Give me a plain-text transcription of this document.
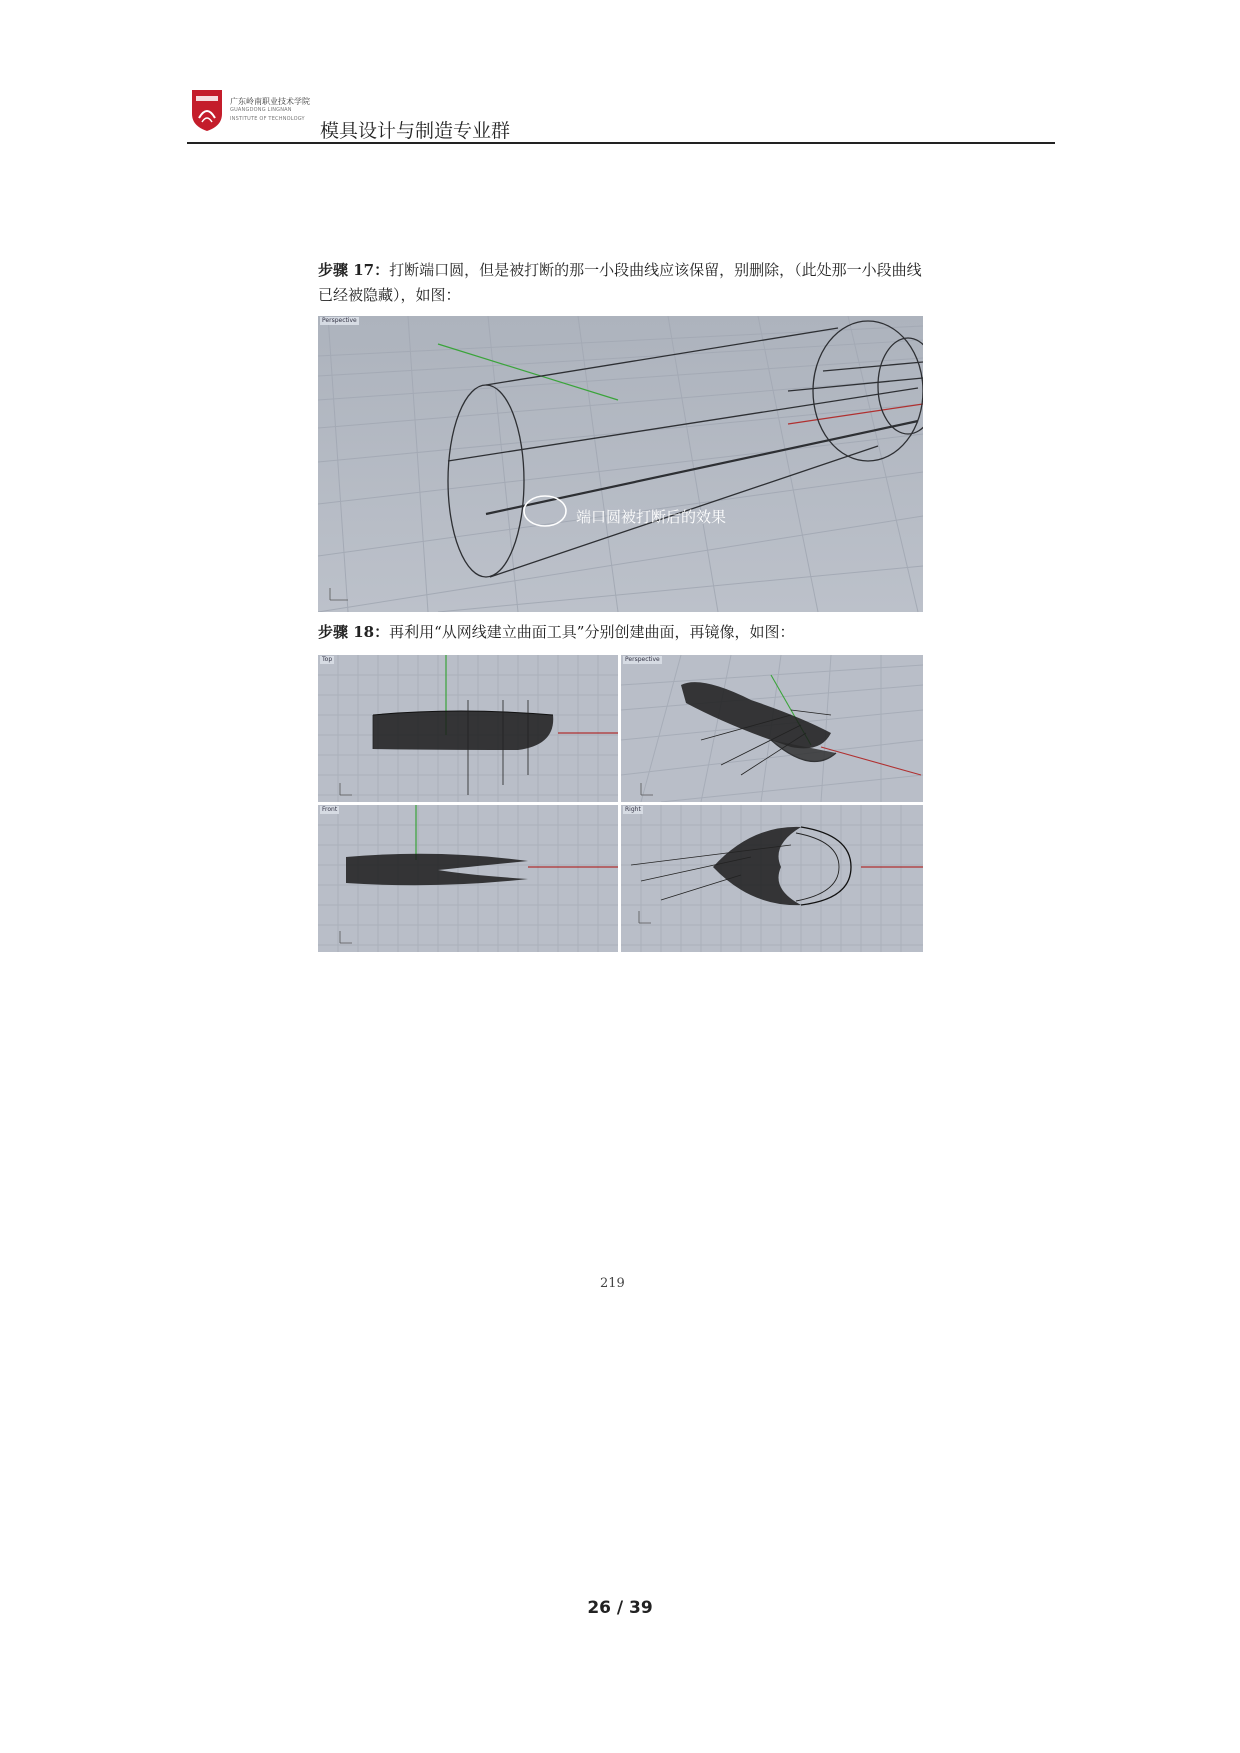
广东岭南职业技术学院
GUANGDONG LINGNAN
INSTITUTE OF TECHNOLOGY
模具设计与制造专业群
步骤 17：打断端口圆，但是被打断的那一小段曲线应该保留，别删除，（此处那一小段曲线已经被隐藏），如图：
Perspective
端口圆被打断后的效果
步骤 18：再利用“从网线建立曲面工具”分别创建曲面，再镜像，如图：
Top	Perspective
Front	Right
219
26 / 39
